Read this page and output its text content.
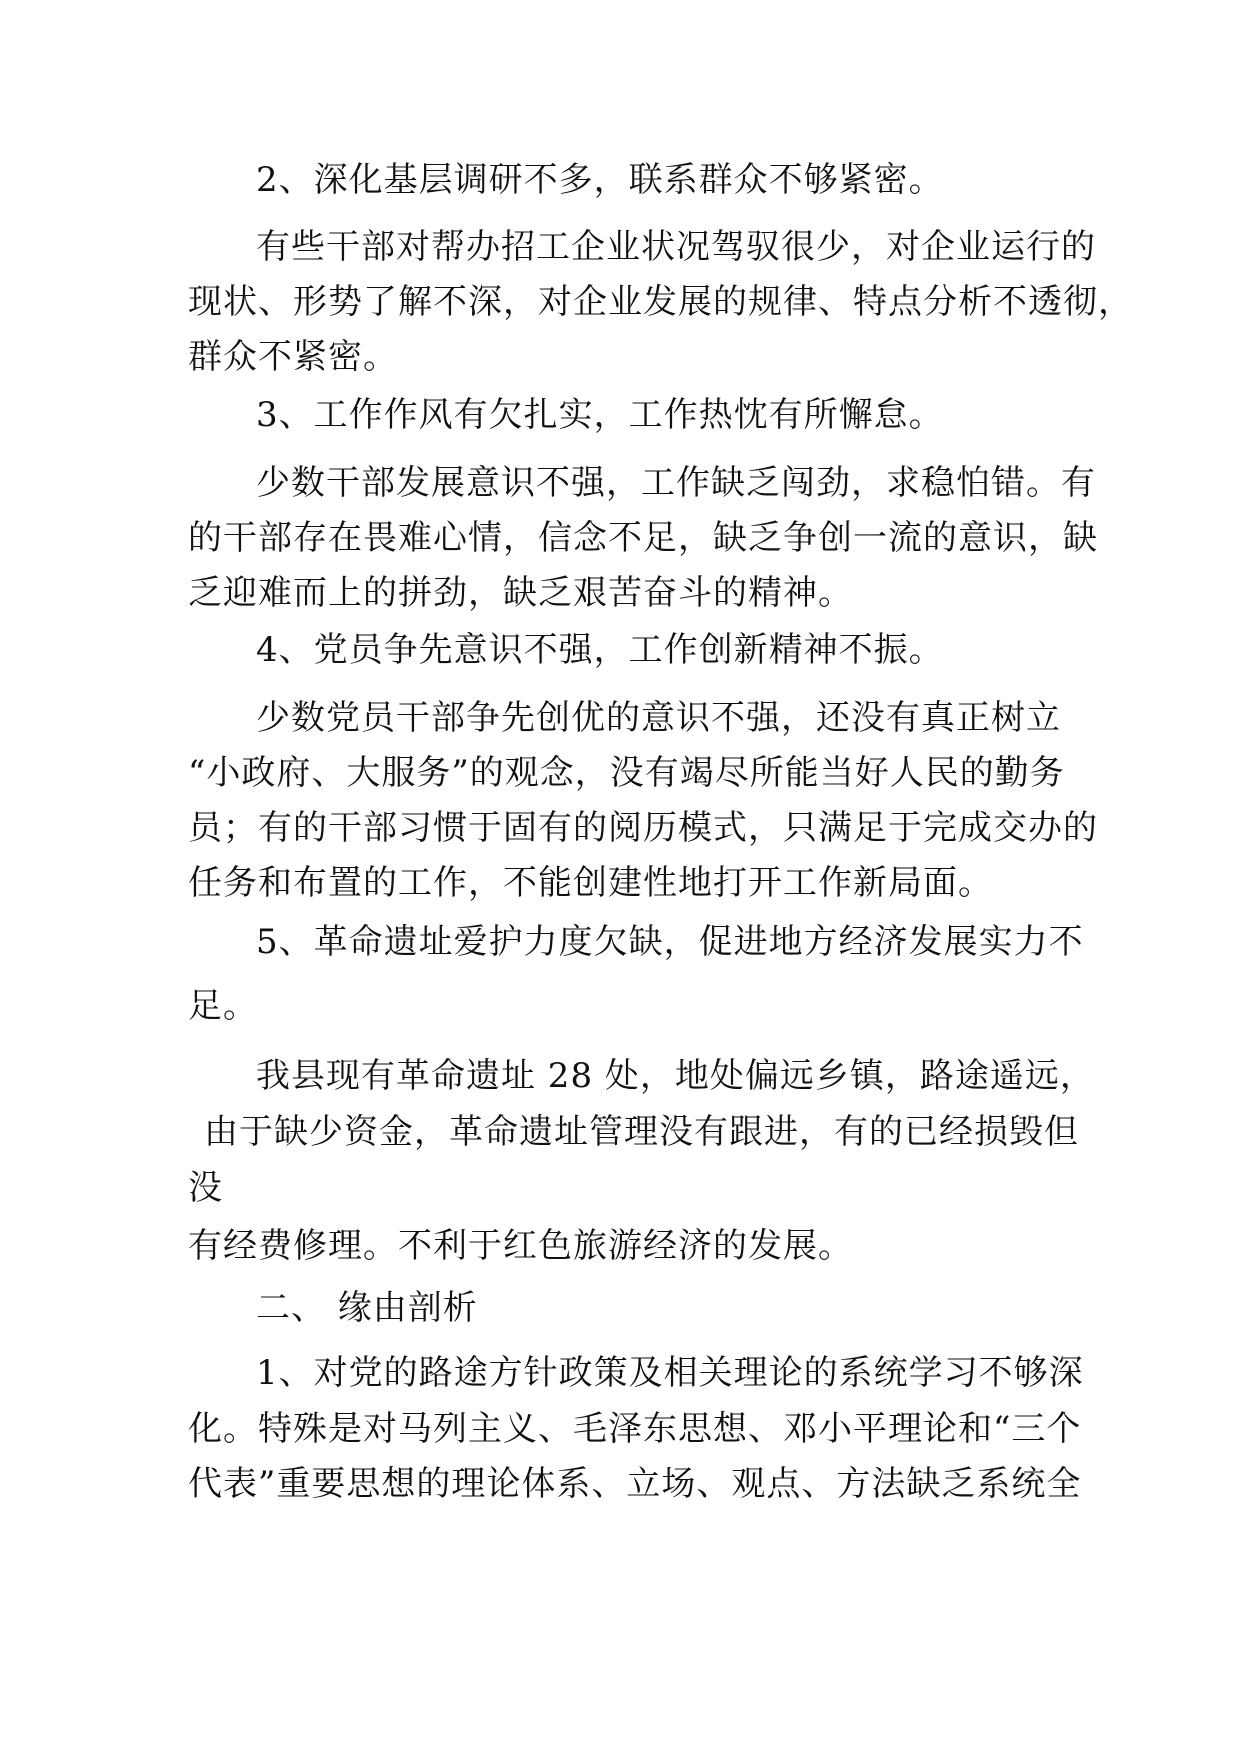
2、深化基层调研不多，联系群众不够紧密。
有些干部对帮办招工企业状况驾驭很少，对企业运行的
现状、形势了解不深，对企业发展的规律、特点分析不透彻，
群众不紧密。
3、工作作风有欠扎实，工作热忱有所懈怠。
少数干部发展意识不强，工作缺乏闯劲，求稳怕错。有
的干部存在畏难心情，信念不足，缺乏争创一流的意识，缺
乏迎难而上的拼劲，缺乏艰苦奋斗的精神。
4、党员争先意识不强，工作创新精神不振。
少数党员干部争先创优的意识不强，还没有真正树立
“小政府、大服务”的观念，没有竭尽所能当好人民的勤务
员；有的干部习惯于固有的阅历模式，只满足于完成交办的
任务和布置的工作，不能创建性地打开工作新局面。
5、革命遗址爱护力度欠缺，促进地方经济发展实力不
足。
我县现有革命遗址 28 处，地处偏远乡镇，路途遥远，
由于缺少资金，革命遗址管理没有跟进，有的已经损毁但
没
有经费修理。不利于红色旅游经济的发展。
二、 缘由剖析
1、对党的路途方针政策及相关理论的系统学习不够深
化。特殊是对马列主义、毛泽东思想、邓小平理论和“三个
代表”重要思想的理论体系、立场、观点、方法缺乏系统全
